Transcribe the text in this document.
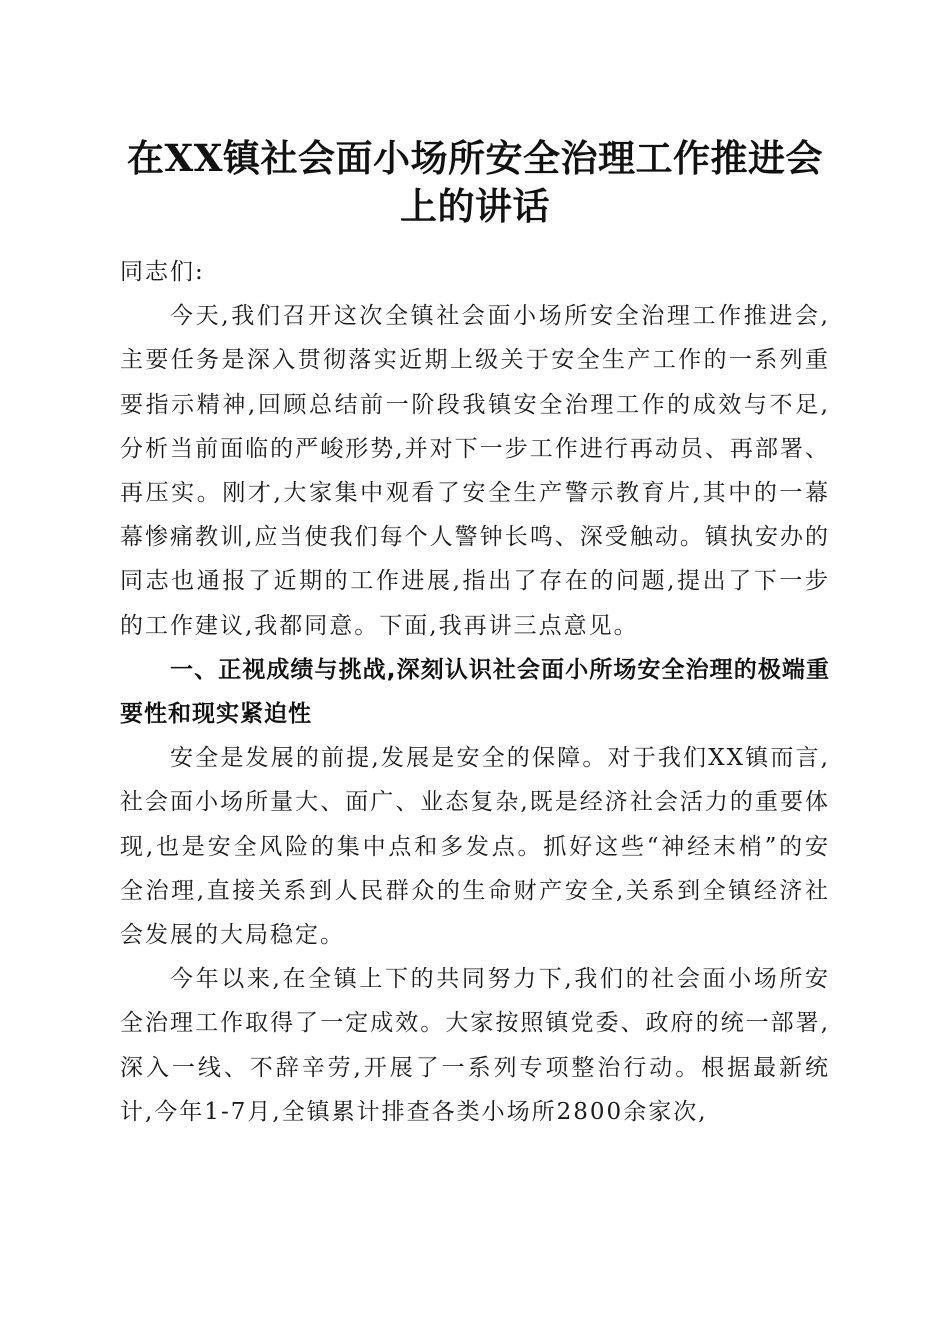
在XX镇社会面小场所安全治理工作推进会上的讲话

同志们:

今天,我们召开这次全镇社会面小场所安全治理工作推进会,主要任务是深入贯彻落实近期上级关于安全生产工作的一系列重要指示精神,回顾总结前一阶段我镇安全治理工作的成效与不足,分析当前面临的严峻形势,并对下一步工作进行再动员、再部署、再压实。刚才,大家集中观看了安全生产警示教育片,其中的一幕幕惨痛教训,应当使我们每个人警钟长鸣、深受触动。镇执安办的同志也通报了近期的工作进展,指出了存在的问题,提出了下一步的工作建议,我都同意。下面,我再讲三点意见。

一、正视成绩与挑战,深刻认识社会面小所场安全治理的极端重要性和现实紧迫性

安全是发展的前提,发展是安全的保障。对于我们XX镇而言,社会面小场所量大、面广、业态复杂,既是经济社会活力的重要体现,也是安全风险的集中点和多发点。抓好这些“神经末梢”的安全治理,直接关系到人民群众的生命财产安全,关系到全镇经济社会发展的大局稳定。

今年以来,在全镇上下的共同努力下,我们的社会面小场所安全治理工作取得了一定成效。大家按照镇党委、政府的统一部署,深入一线、不辞辛劳,开展了一系列专项整治行动。根据最新统计,今年1-7月,全镇累计排查各类小场所2800余家次,
